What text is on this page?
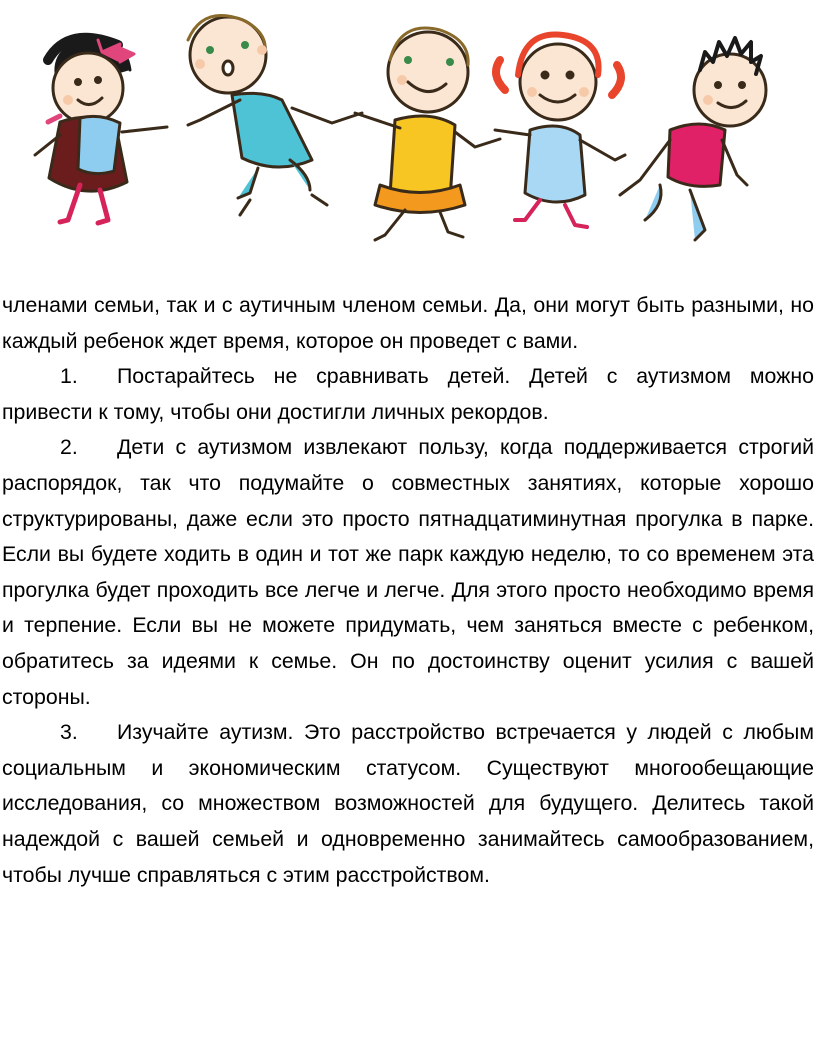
членами семьи, так и с аутичным членом семьи. Да, они могут быть разными, но каждый ребенок ждет время, которое он проведет с вами.

1. Постарайтесь не сравнивать детей. Детей с аутизмом можно привести к тому, чтобы они достигли личных рекордов.

2. Дети с аутизмом извлекают пользу, когда поддерживается строгий распорядок, так что подумайте о совместных занятиях, которые хорошо структурированы, даже если это просто пятнадцатиминутная прогулка в парке. Если вы будете ходить в один и тот же парк каждую неделю, то со временем эта прогулка будет проходить все легче и легче. Для этого просто необходимо время и терпение. Если вы не можете придумать, чем заняться вместе с ребенком, обратитесь за идеями к семье. Он по достоинству оценит усилия с вашей стороны.

3. Изучайте аутизм. Это расстройство встречается у людей с любым социальным и экономическим статусом. Существуют многообещающие исследования, со множеством возможностей для будущего. Делитесь такой надеждой с вашей семьей и одновременно занимайтесь самообразованием, чтобы лучше справляться с этим расстройством.
